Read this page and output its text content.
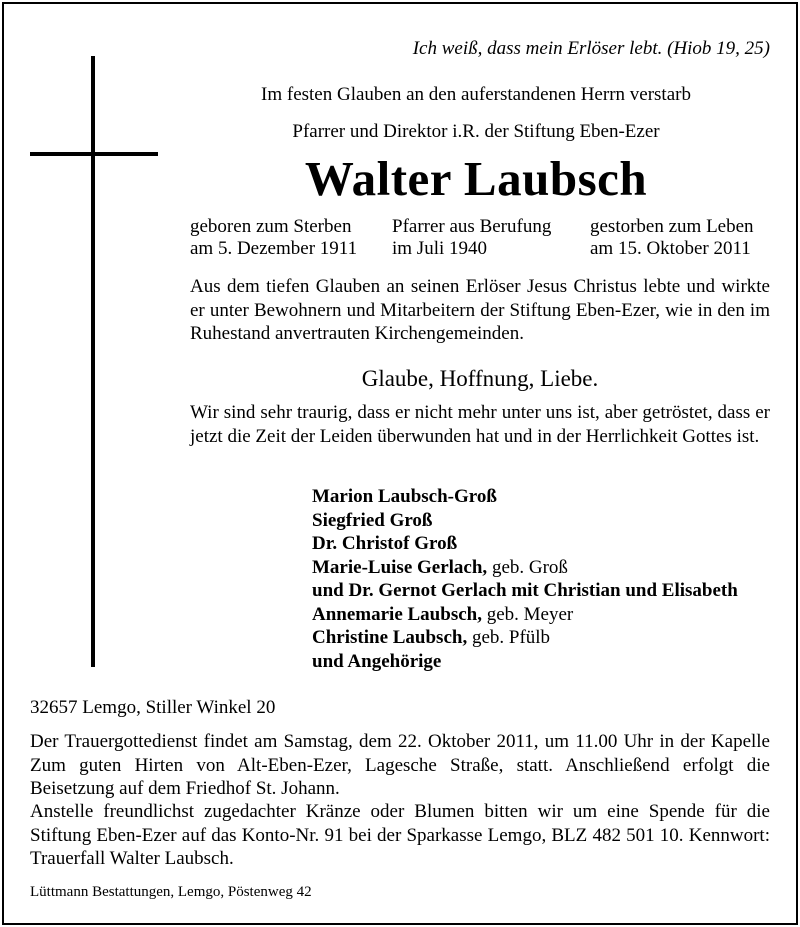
Ich weiß, dass mein Erlöser lebt. (Hiob 19, 25)
Im festen Glauben an den auferstandenen Herrn verstarb
Pfarrer und Direktor i.R. der Stiftung Eben-Ezer
Walter Laubsch
geboren zum Sterben
am 5. Dezember 1911
Pfarrer aus Berufung
im Juli 1940
gestorben zum Leben
am 15. Oktober 2011
Aus dem tiefen Glauben an seinen Erlöser Jesus Christus lebte und wirkte er unter Bewohnern und Mitarbeitern der Stiftung Eben-Ezer, wie in den im Ruhestand anvertrauten Kirchengemeinden.
Glaube, Hoffnung, Liebe.
Wir sind sehr traurig, dass er nicht mehr unter uns ist, aber getröstet, dass er jetzt die Zeit der Leiden überwunden hat und in der Herrlichkeit Gottes ist.
Marion Laubsch-Groß
Siegfried Groß
Dr. Christof Groß
Marie-Luise Gerlach, geb. Groß
und Dr. Gernot Gerlach mit Christian und Elisabeth
Annemarie Laubsch, geb. Meyer
Christine Laubsch, geb. Pfülb
und Angehörige
32657 Lemgo, Stiller Winkel 20
Der Trauergottedienst findet am Samstag, dem 22. Oktober 2011, um 11.00 Uhr in der Kapelle Zum guten Hirten von Alt-Eben-Ezer, Lagesche Straße, statt. Anschließend erfolgt die Beisetzung auf dem Friedhof St. Johann.
Anstelle freundlichst zugedachter Kränze oder Blumen bitten wir um eine Spende für die Stiftung Eben-Ezer auf das Konto-Nr. 91 bei der Sparkasse Lemgo, BLZ 482 501 10. Kennwort: Trauerfall Walter Laubsch.
Lüttmann Bestattungen, Lemgo, Pöstenweg 42
